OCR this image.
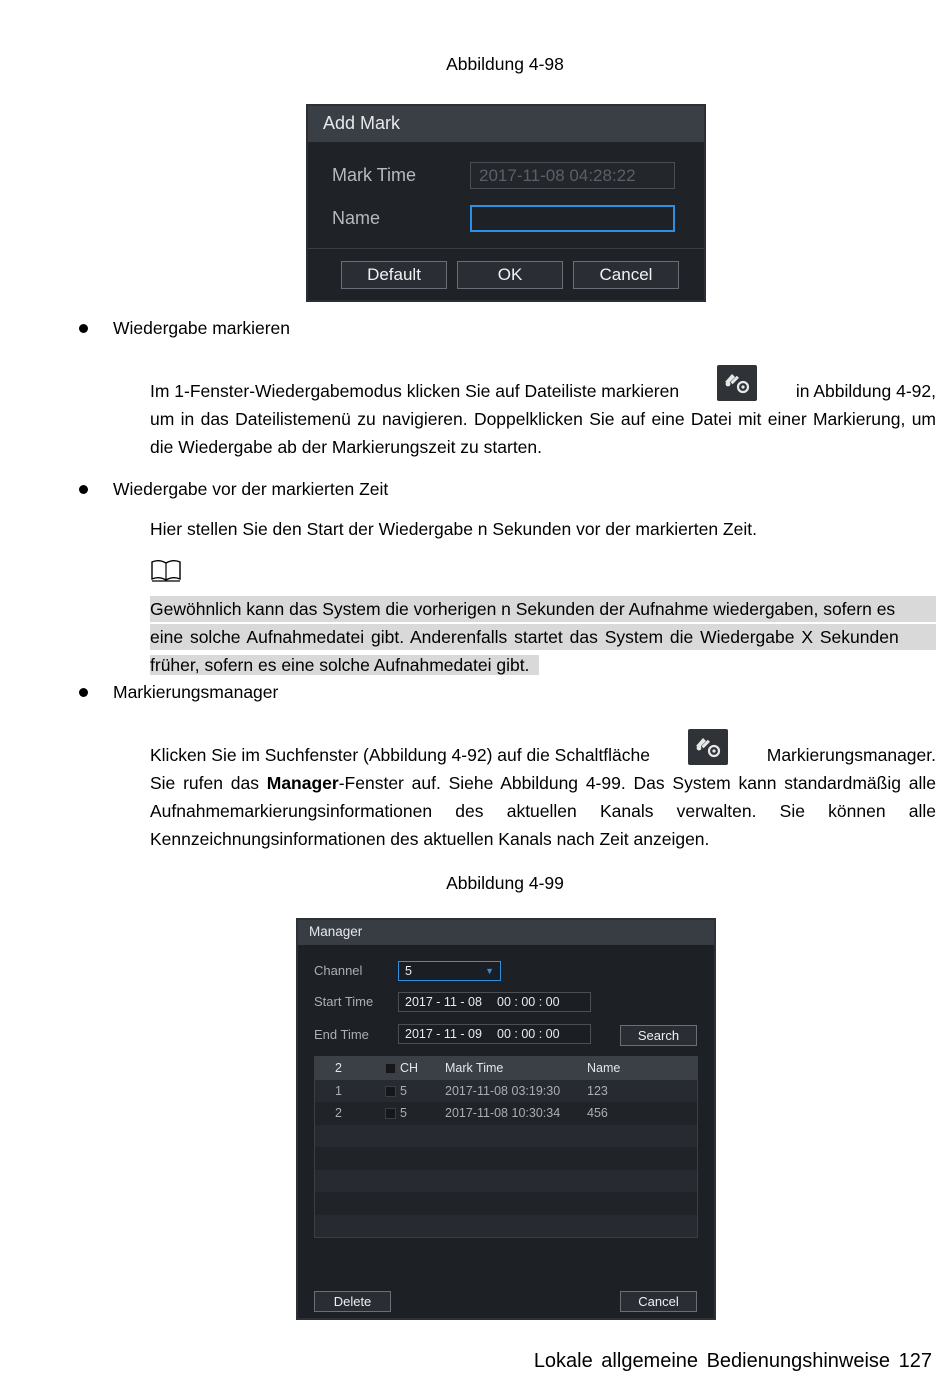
Abbildung 4-98
Add Mark
Mark Time	2017-11-08 04:28:22
Name
Default	OK	Cancel
Wiedergabe markieren
Im 1-Fenster-Wiedergabemodus klicken Sie auf Dateiliste markieren	in Abbildung 4-92,
um in das Dateilistemenü zu navigieren. Doppelklicken Sie auf eine Datei mit einer Markierung, um die Wiedergabe ab der Markierungszeit zu starten.
Wiedergabe vor der markierten Zeit
Hier stellen Sie den Start der Wiedergabe n Sekunden vor der markierten Zeit.
Gewöhnlich kann das System die vorherigen n Sekunden der Aufnahme wiedergaben, sofern es
eine solche Aufnahmedatei gibt. Anderenfalls startet das System die Wiedergabe X Sekunden
früher, sofern es eine solche Aufnahmedatei gibt.
Markierungsmanager
Klicken Sie im Suchfenster (Abbildung 4-92) auf die Schaltfläche	Markierungsmanager.
Sie rufen das Manager-Fenster auf. Siehe Abbildung 4-99. Das System kann standardmäßig alle Aufnahmemarkierungsinformationen des aktuellen Kanals verwalten. Sie können alle Kennzeichnungsinformationen des aktuellen Kanals nach Zeit anzeigen.
Abbildung 4-99
Manager
Channel	5	▼
Start Time	2017 - 11 - 08 00 : 00 : 00
End Time	2017 - 11 - 09 00 : 00 : 00	Search
2	CH	Mark Time	Name
1	5	2017-11-08 03:19:30	123
2	5	2017-11-08 10:30:34	456

Delete	Cancel
Lokale allgemeine Bedienungshinweise 127
